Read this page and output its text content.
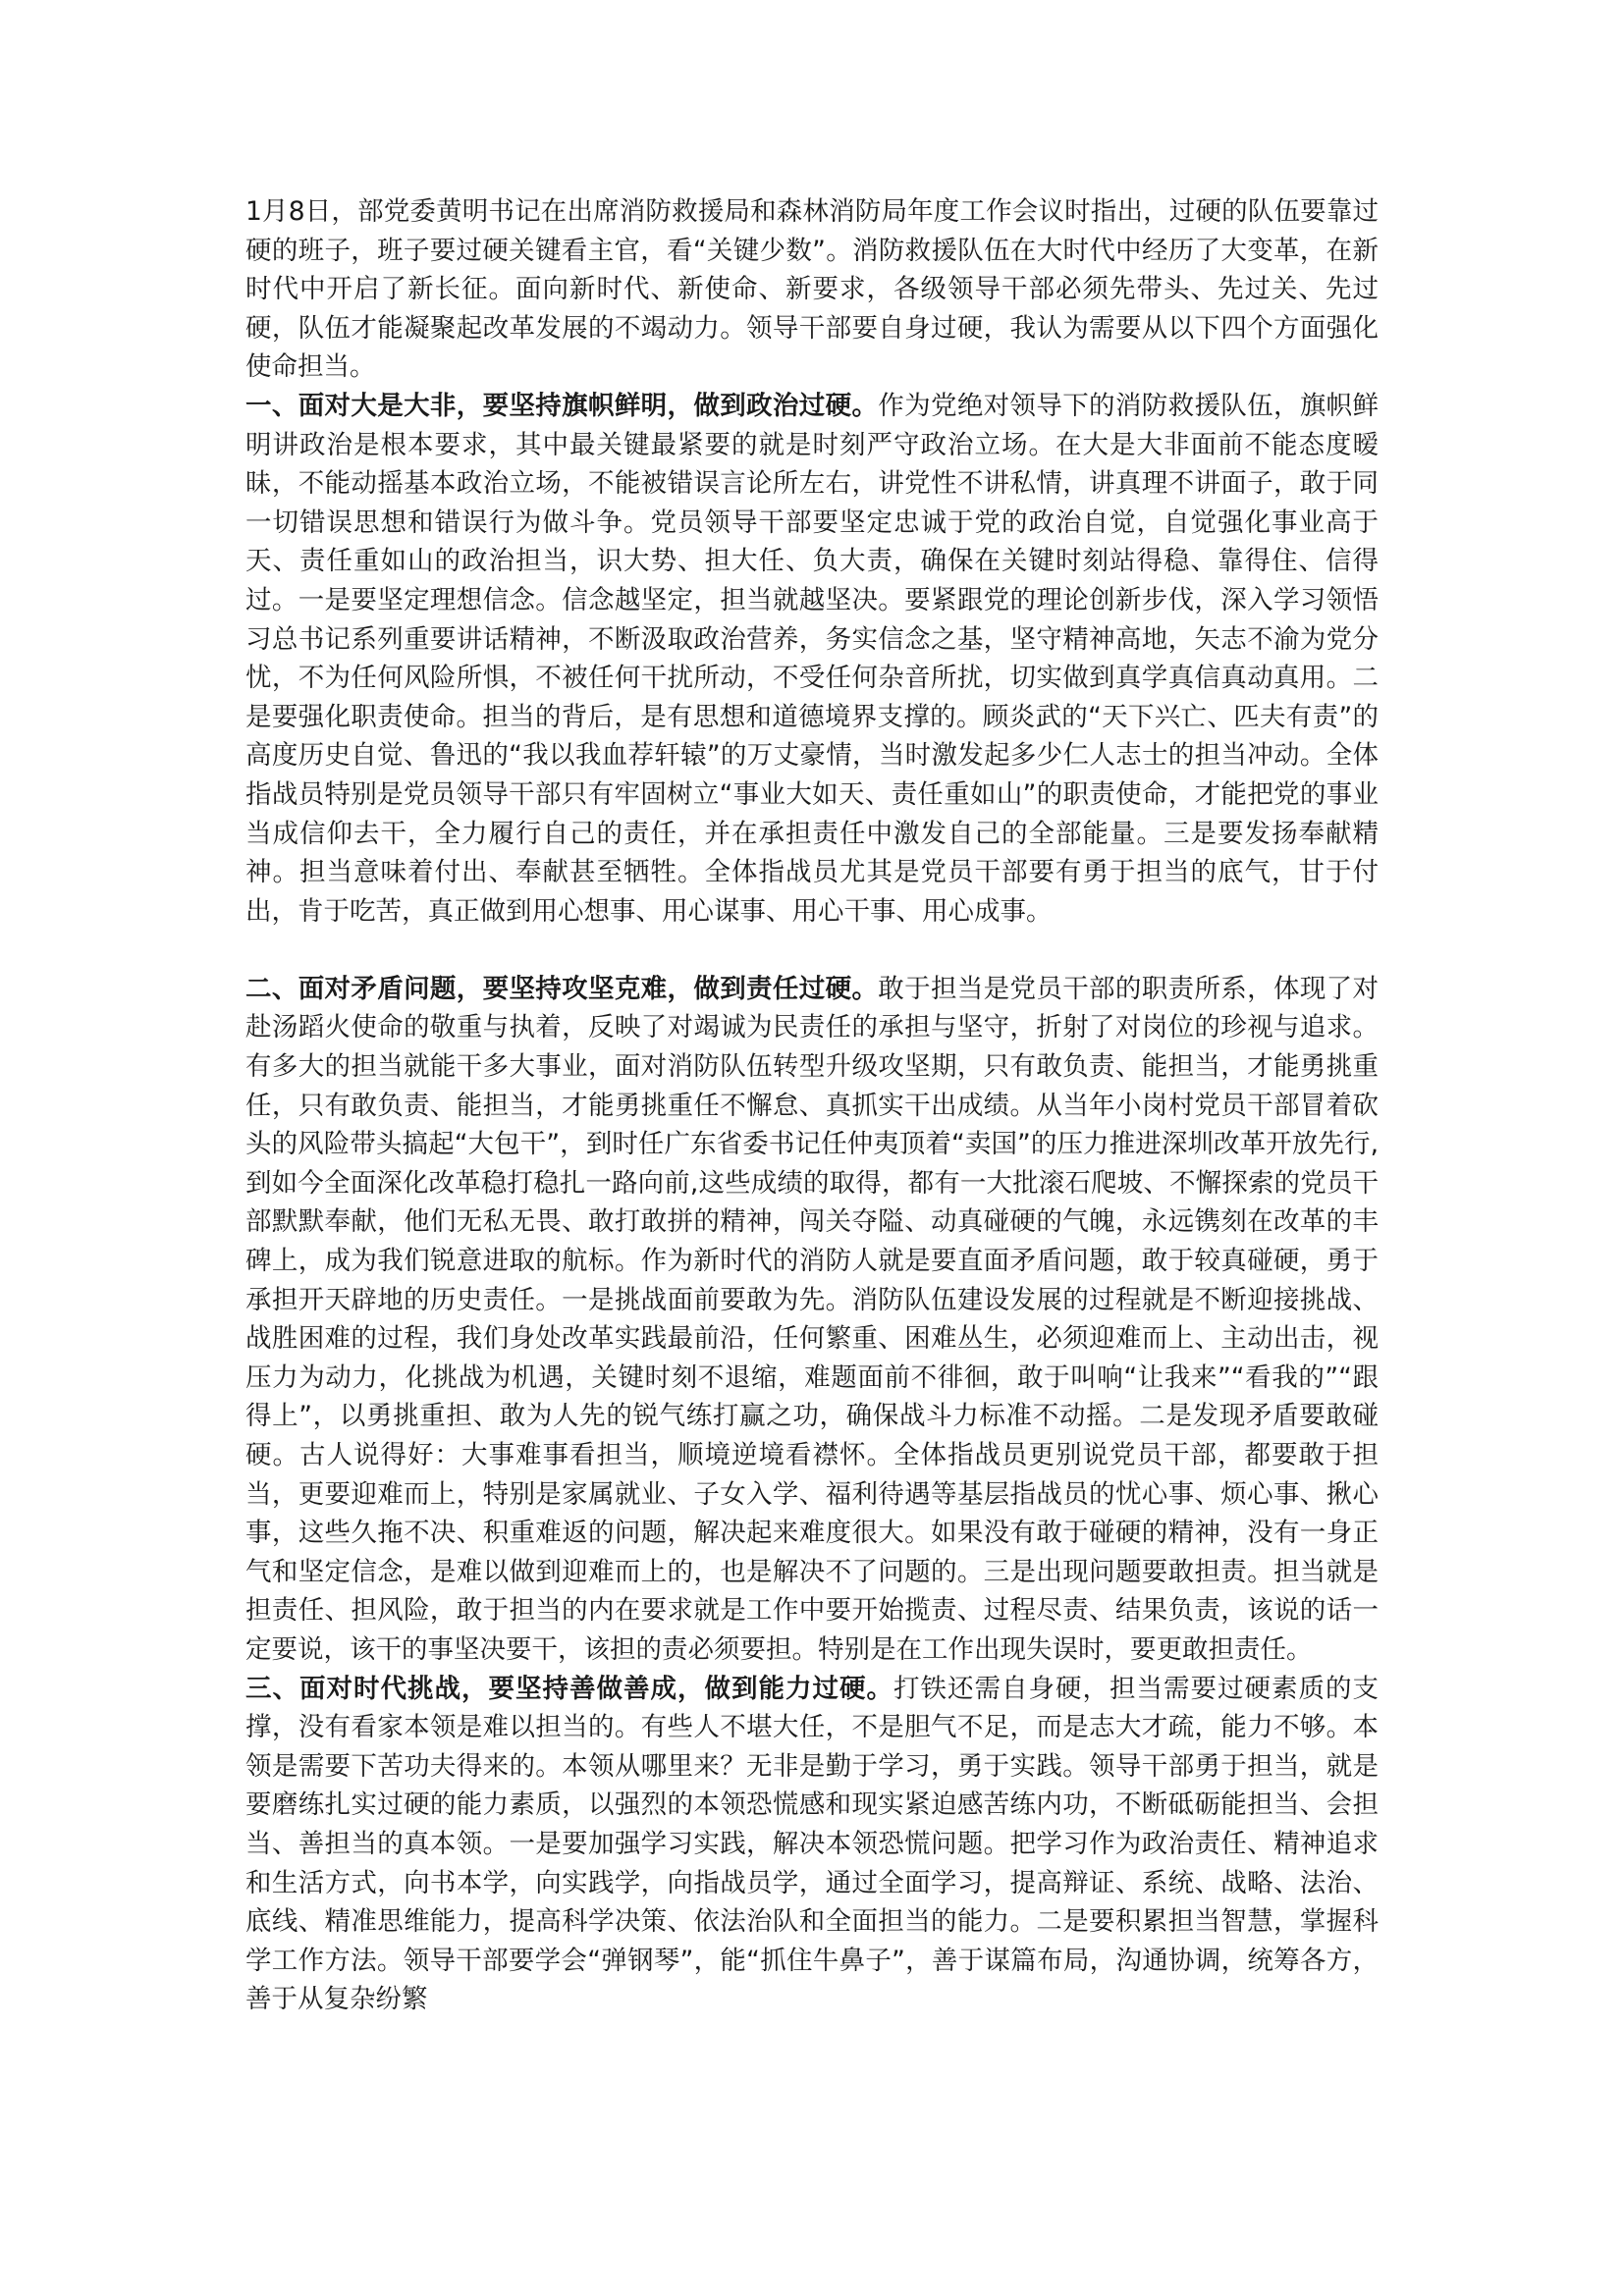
1月8日，部党委黄明书记在出席消防救援局和森林消防局年度工作会议时指出，过硬的队伍要靠过硬的班子，班子要过硬关键看主官，看“关键少数”。消防救援队伍在大时代中经历了大变革，在新时代中开启了新长征。面向新时代、新使命、新要求，各级领导干部必须先带头、先过关、先过硬，队伍才能凝聚起改革发展的不竭动力。领导干部要自身过硬，我认为需要从以下四个方面强化使命担当。

一、面对大是大非，要坚持旗帜鲜明，做到政治过硬。作为党绝对领导下的消防救援队伍，旗帜鲜明讲政治是根本要求，其中最关键最紧要的就是时刻严守政治立场。在大是大非面前不能态度暧昧，不能动摇基本政治立场，不能被错误言论所左右，讲党性不讲私情，讲真理不讲面子，敢于同一切错误思想和错误行为做斗争。党员领导干部要坚定忠诚于党的政治自觉，自觉强化事业高于天、责任重如山的政治担当，识大势、担大任、负大责，确保在关键时刻站得稳、靠得住、信得过。一是要坚定理想信念。信念越坚定，担当就越坚决。要紧跟党的理论创新步伐，深入学习领悟习总书记系列重要讲话精神，不断汲取政治营养，务实信念之基，坚守精神高地，矢志不渝为党分忧，不为任何风险所惧，不被任何干扰所动，不受任何杂音所扰，切实做到真学真信真动真用。二是要强化职责使命。担当的背后，是有思想和道德境界支撑的。顾炎武的“天下兴亡、匹夫有责”的高度历史自觉、鲁迅的“我以我血荐轩辕”的万丈豪情，当时激发起多少仁人志士的担当冲动。全体指战员特别是党员领导干部只有牢固树立“事业大如天、责任重如山”的职责使命，才能把党的事业当成信仰去干，全力履行自己的责任，并在承担责任中激发自己的全部能量。三是要发扬奉献精神。担当意味着付出、奉献甚至牺牲。全体指战员尤其是党员干部要有勇于担当的底气，甘于付出，肯于吃苦，真正做到用心想事、用心谋事、用心干事、用心成事。

二、面对矛盾问题，要坚持攻坚克难，做到责任过硬。敢于担当是党员干部的职责所系，体现了对赴汤蹈火使命的敬重与执着，反映了对竭诚为民责任的承担与坚守，折射了对岗位的珍视与追求。有多大的担当就能干多大事业，面对消防队伍转型升级攻坚期，只有敢负责、能担当，才能勇挑重任，只有敢负责、能担当，才能勇挑重任不懈怠、真抓实干出成绩。从当年小岗村党员干部冒着砍头的风险带头搞起“大包干”，到时任广东省委书记任仲夷顶着“卖国”的压力推进深圳改革开放先行,到如今全面深化改革稳打稳扎一路向前,这些成绩的取得，都有一大批滚石爬坡、不懈探索的党员干部默默奉献，他们无私无畏、敢打敢拼的精神，闯关夺隘、动真碰硬的气魄，永远镌刻在改革的丰碑上，成为我们锐意进取的航标。作为新时代的消防人就是要直面矛盾问题，敢于较真碰硬，勇于承担开天辟地的历史责任。一是挑战面前要敢为先。消防队伍建设发展的过程就是不断迎接挑战、战胜困难的过程，我们身处改革实践最前沿，任何繁重、困难丛生，必须迎难而上、主动出击，视压力为动力，化挑战为机遇，关键时刻不退缩，难题面前不徘徊，敢于叫响“让我来”“看我的”“跟得上”，以勇挑重担、敢为人先的锐气练打赢之功，确保战斗力标准不动摇。二是发现矛盾要敢碰硬。古人说得好：大事难事看担当，顺境逆境看襟怀。全体指战员更别说党员干部，都要敢于担当，更要迎难而上，特别是家属就业、子女入学、福利待遇等基层指战员的忧心事、烦心事、揪心事，这些久拖不决、积重难返的问题，解决起来难度很大。如果没有敢于碰硬的精神，没有一身正气和坚定信念，是难以做到迎难而上的，也是解决不了问题的。三是出现问题要敢担责。担当就是担责任、担风险，敢于担当的内在要求就是工作中要开始揽责、过程尽责、结果负责，该说的话一定要说，该干的事坚决要干，该担的责必须要担。特别是在工作出现失误时，要更敢担责任。

三、面对时代挑战，要坚持善做善成，做到能力过硬。打铁还需自身硬，担当需要过硬素质的支撑，没有看家本领是难以担当的。有些人不堪大任，不是胆气不足，而是志大才疏，能力不够。本领是需要下苦功夫得来的。本领从哪里来？无非是勤于学习，勇于实践。领导干部勇于担当，就是要磨练扎实过硬的能力素质，以强烈的本领恐慌感和现实紧迫感苦练内功，不断砥砺能担当、会担当、善担当的真本领。一是要加强学习实践，解决本领恐慌问题。把学习作为政治责任、精神追求和生活方式，向书本学，向实践学，向指战员学，通过全面学习，提高辩证、系统、战略、法治、底线、精准思维能力，提高科学决策、依法治队和全面担当的能力。二是要积累担当智慧，掌握科学工作方法。领导干部要学会“弹钢琴”，能“抓住牛鼻子”，善于谋篇布局，沟通协调，统筹各方，善于从复杂纷繁
